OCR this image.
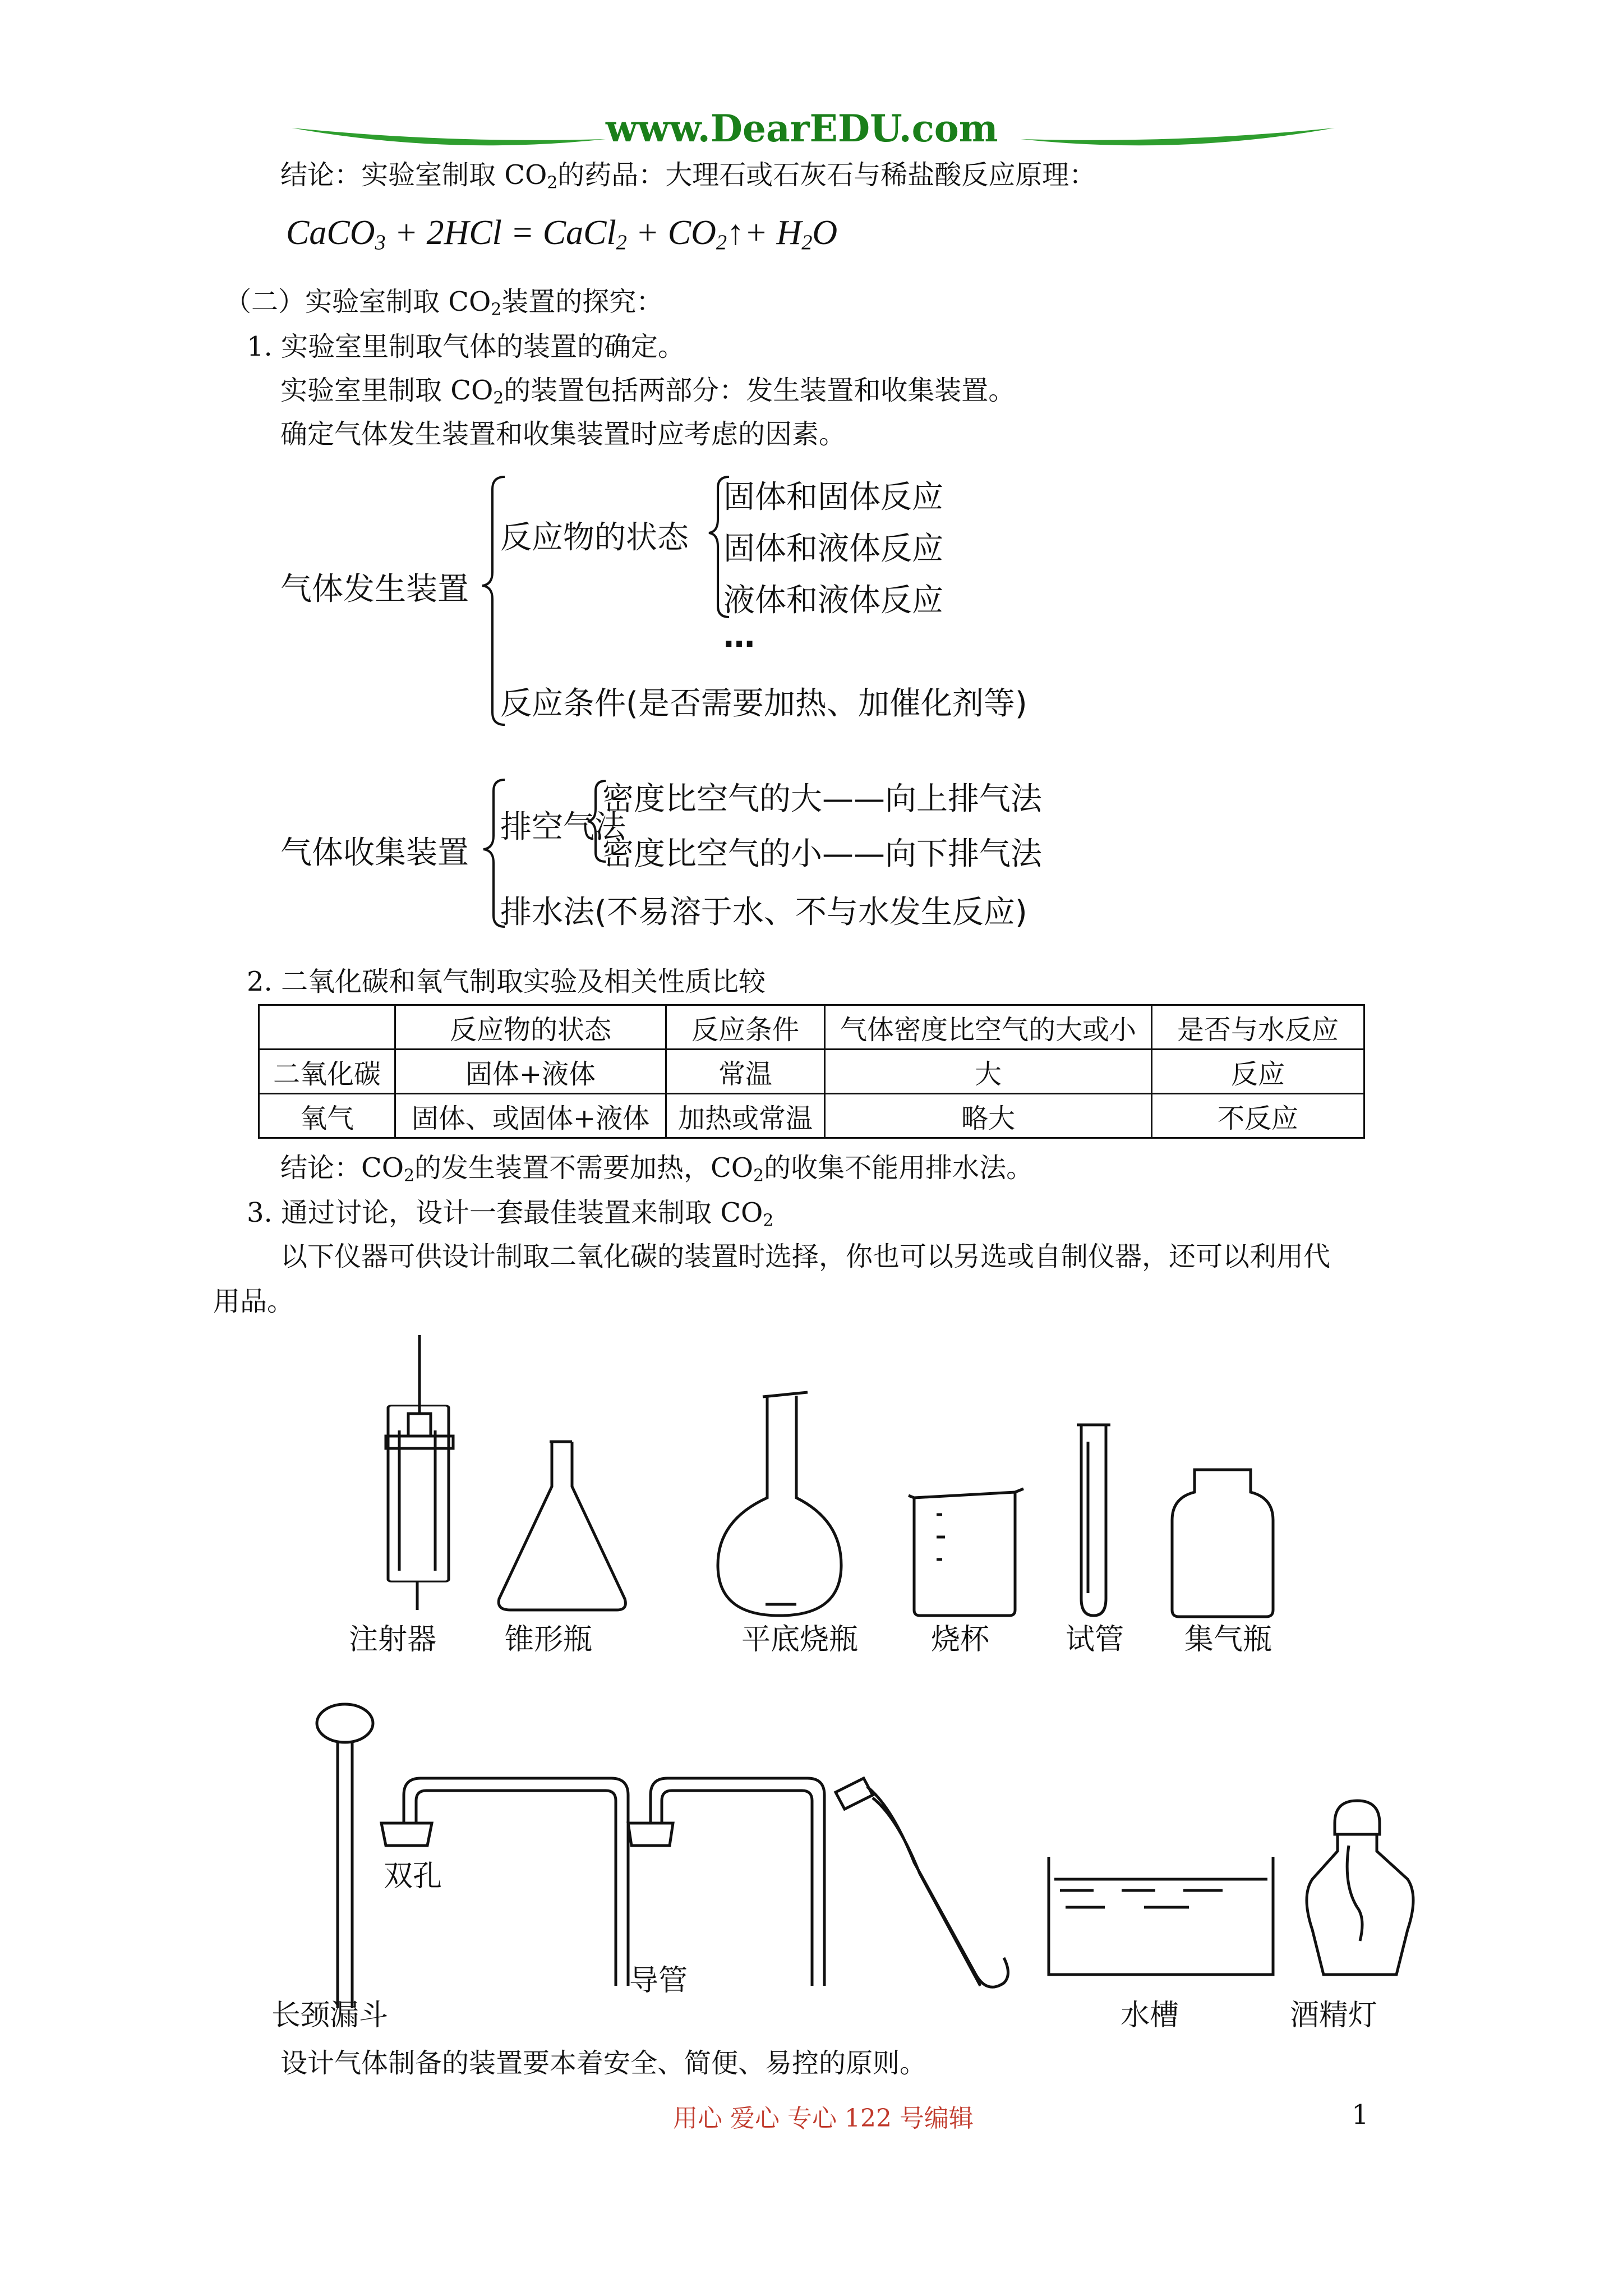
www.DearEDU.com
结论：实验室制取 $CO_2$的药品：大理石或石灰石与稀盐酸反应原理：
CaCO$_3$ + 2HCl = CaCl$_2$ + $CO_2↑+ H_2O$
（二）实验室制取 $CO_2$装置的探究：
1. 实验室里制取气体的装置的确定。
实验室里制取 $CO_2$的装置包括两部分：发生装置和收集装置。
确定气体发生装置和收集装置时应考虑的因素。
气体发生装置
反应物的状态
固体和固体反应
固体和液体反应
液体和液体反应
…
反应条件(是否需要加热、加催化剂等)
气体收集装置
排空气法
密度比空气的大——向上排气法
密度比空气的小——向下排气法
排水法(不易溶于水、不与水发生反应)
2. 二氧化碳和氧气制取实验及相关性质比较
	反应物的状态	反应条件	气体密度比空气的大或小	是否与水反应
二氧化碳	固体+液体	常温	大	反应
氧气	固体、或固体+液体	加热或常温	略大	不反应
结论：$CO_2$的发生装置不需要加热，$CO_2$的收集不能用排水法。
3. 通过讨论，设计一套最佳装置来制取 $CO_2$
以下仪器可供设计制取二氧化碳的装置时选择，你也可以另选或自制仪器，还可以利用代
用品。
注射器 锥形瓶	平底烧瓶 烧杯	试管 集气瓶
双孔
长颈漏斗
导管
水槽	酒精灯
设计气体制备的装置要本着安全、简便、易控的原则。
用心 爱心 专心 122 号编辑	1
